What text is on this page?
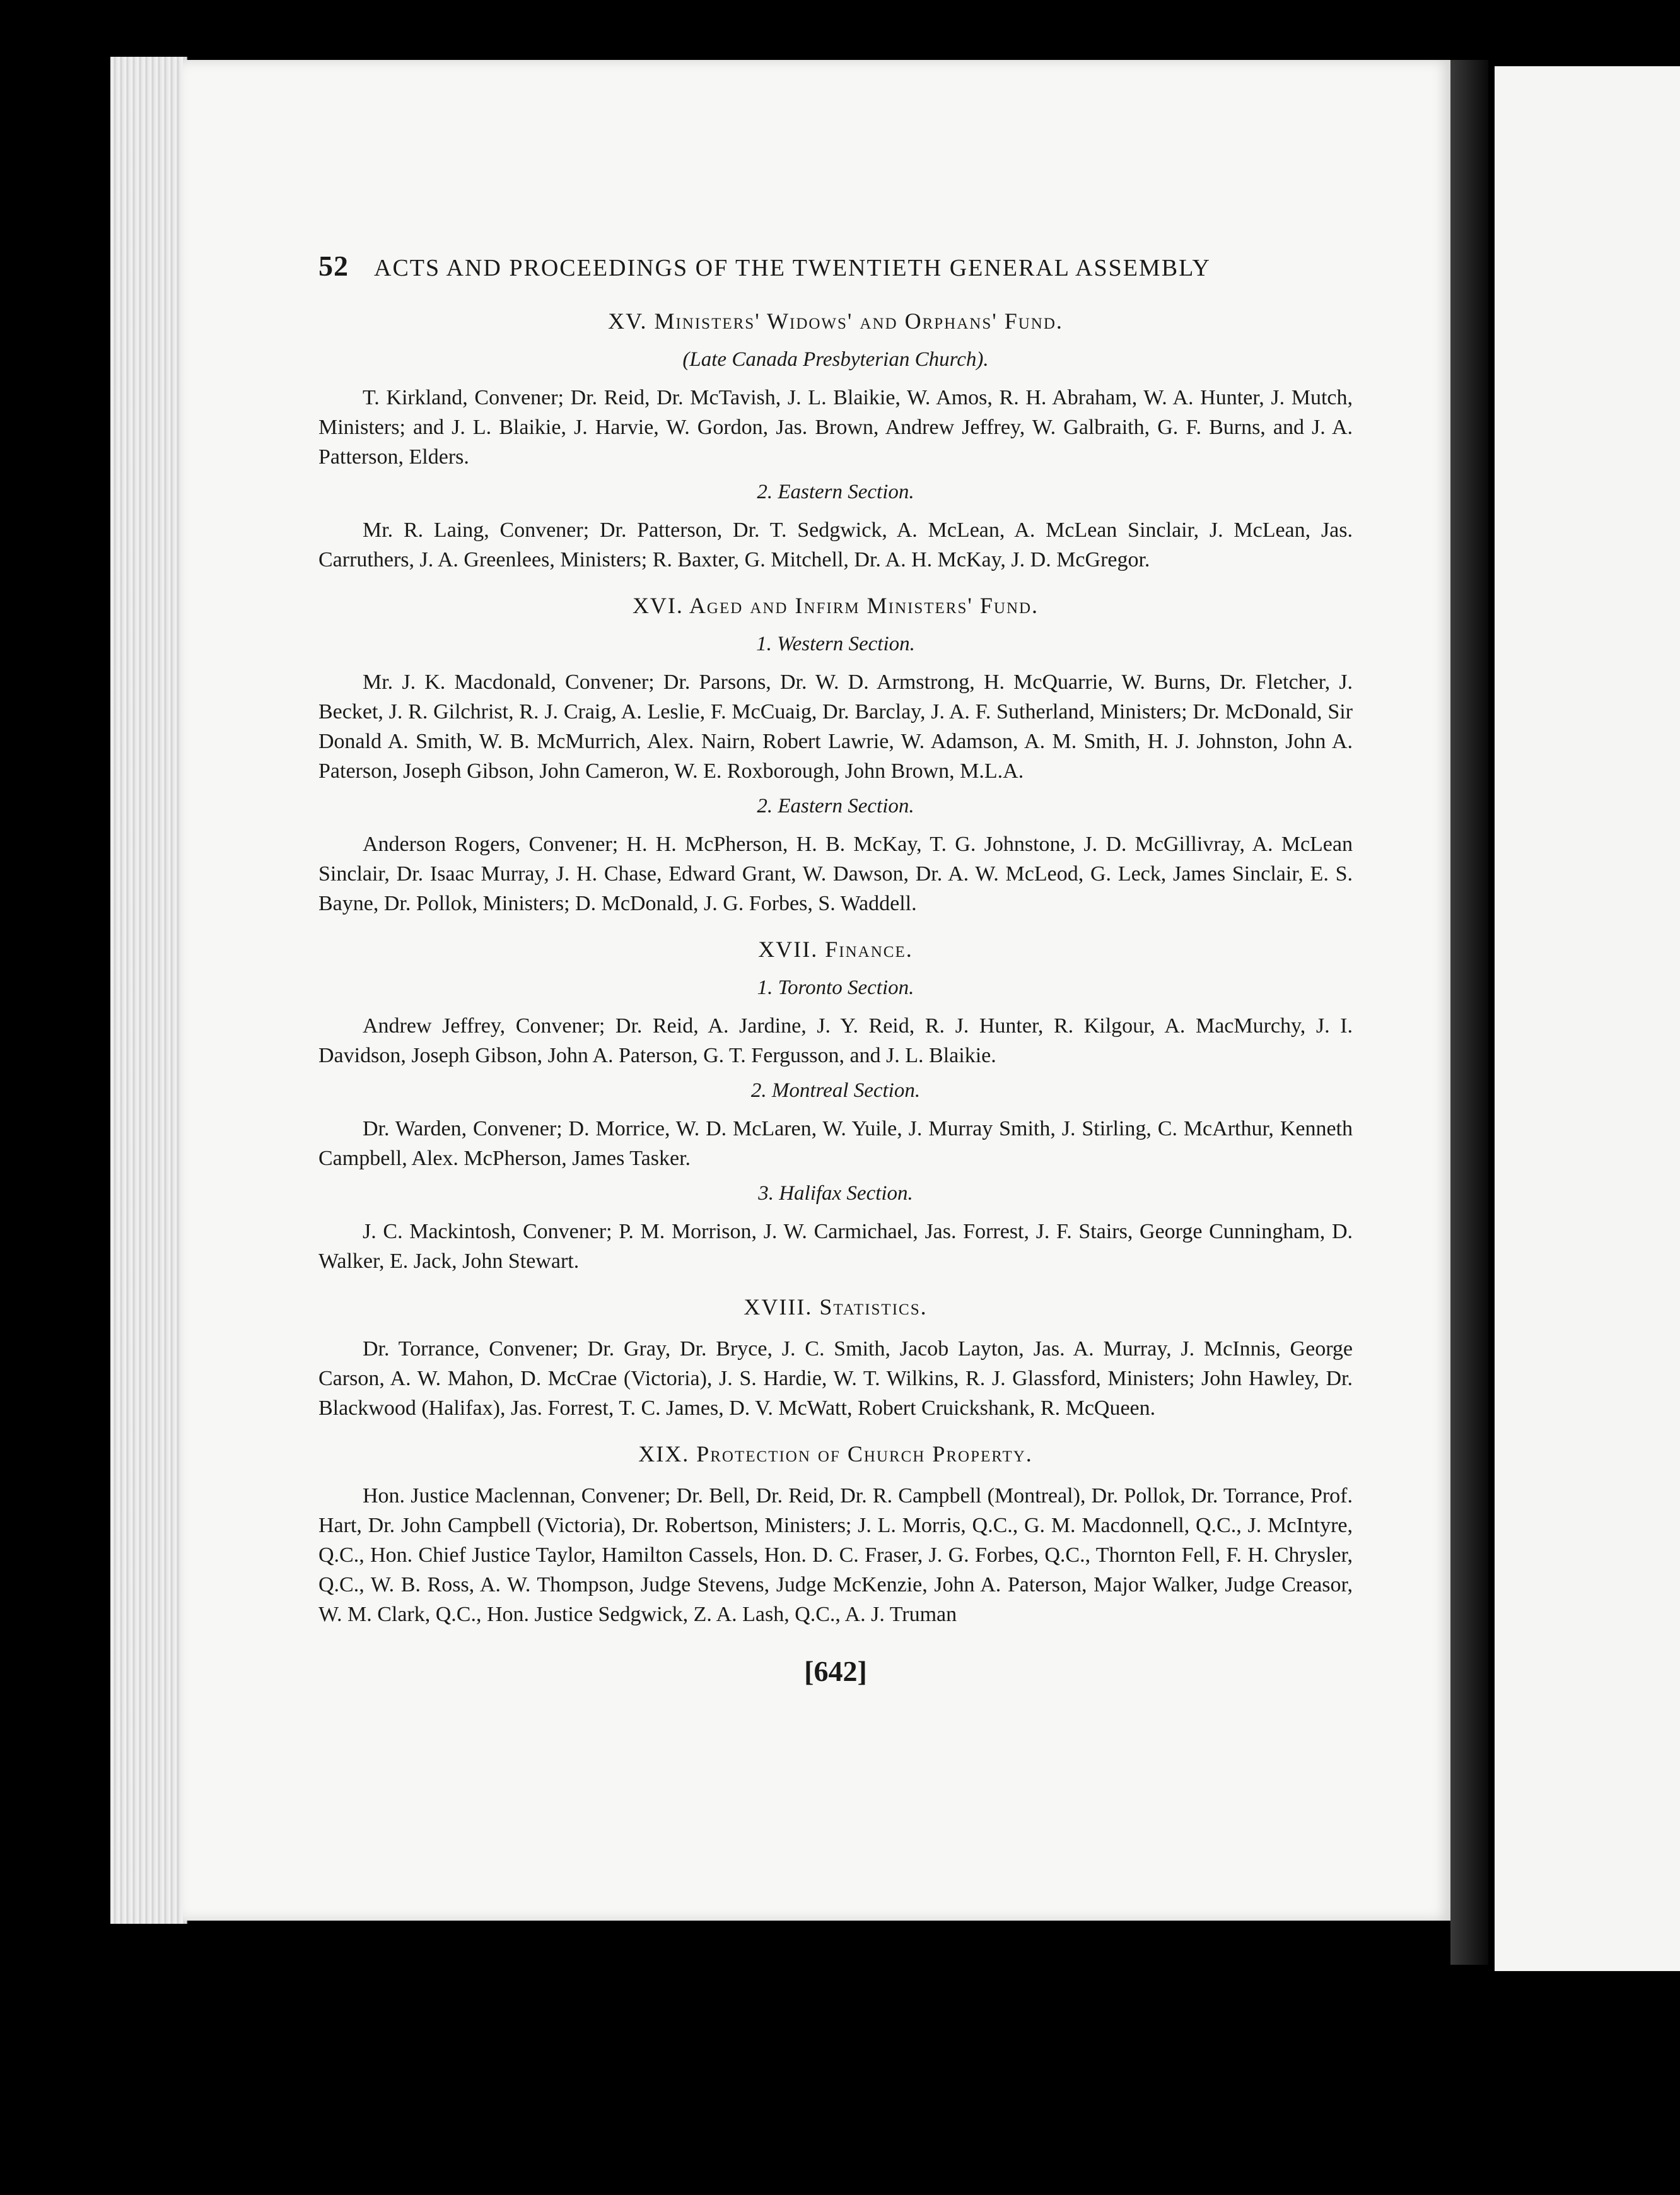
52 ACTS AND PROCEEDINGS OF THE TWENTIETH GENERAL ASSEMBLY
XV. Ministers' Widows' and Orphans' Fund.
(Late Canada Presbyterian Church).
T. Kirkland, Convener; Dr. Reid, Dr. McTavish, J. L. Blaikie, W. Amos, R. H. Abraham, W. A. Hunter, J. Mutch, Ministers; and J. L. Blaikie, J. Harvie, W. Gordon, Jas. Brown, Andrew Jeffrey, W. Galbraith, G. F. Burns, and J. A. Patterson, Elders.
2. Eastern Section.
Mr. R. Laing, Convener; Dr. Patterson, Dr. T. Sedgwick, A. McLean, A. McLean Sinclair, J. McLean, Jas. Carruthers, J. A. Greenlees, Ministers; R. Baxter, G. Mitchell, Dr. A. H. McKay, J. D. McGregor.
XVI. Aged and Infirm Ministers' Fund.
1. Western Section.
Mr. J. K. Macdonald, Convener; Dr. Parsons, Dr. W. D. Armstrong, H. McQuarrie, W. Burns, Dr. Fletcher, J. Becket, J. R. Gilchrist, R. J. Craig, A. Leslie, F. McCuaig, Dr. Barclay, J. A. F. Sutherland, Ministers; Dr. McDonald, Sir Donald A. Smith, W. B. McMurrich, Alex. Nairn, Robert Lawrie, W. Adamson, A. M. Smith, H. J. Johnston, John A. Paterson, Joseph Gibson, John Cameron, W. E. Roxborough, John Brown, M.L.A.
2. Eastern Section.
Anderson Rogers, Convener; H. H. McPherson, H. B. McKay, T. G. Johnstone, J. D. McGillivray, A. McLean Sinclair, Dr. Isaac Murray, J. H. Chase, Edward Grant, W. Dawson, Dr. A. W. McLeod, G. Leck, James Sinclair, E. S. Bayne, Dr. Pollok, Ministers; D. McDonald, J. G. Forbes, S. Waddell.
XVII. Finance.
1. Toronto Section.
Andrew Jeffrey, Convener; Dr. Reid, A. Jardine, J. Y. Reid, R. J. Hunter, R. Kilgour, A. MacMurchy, J. I. Davidson, Joseph Gibson, John A. Paterson, G. T. Fergusson, and J. L. Blaikie.
2. Montreal Section.
Dr. Warden, Convener; D. Morrice, W. D. McLaren, W. Yuile, J. Murray Smith, J. Stirling, C. McArthur, Kenneth Campbell, Alex. McPherson, James Tasker.
3. Halifax Section.
J. C. Mackintosh, Convener; P. M. Morrison, J. W. Carmichael, Jas. Forrest, J. F. Stairs, George Cunningham, D. Walker, E. Jack, John Stewart.
XVIII. Statistics.
Dr. Torrance, Convener; Dr. Gray, Dr. Bryce, J. C. Smith, Jacob Layton, Jas. A. Murray, J. McInnis, George Carson, A. W. Mahon, D. McCrae (Victoria), J. S. Hardie, W. T. Wilkins, R. J. Glassford, Ministers; John Hawley, Dr. Blackwood (Halifax), Jas. Forrest, T. C. James, D. V. McWatt, Robert Cruickshank, R. McQueen.
XIX. Protection of Church Property.
Hon. Justice Maclennan, Convener; Dr. Bell, Dr. Reid, Dr. R. Campbell (Montreal), Dr. Pollok, Dr. Torrance, Prof. Hart, Dr. John Campbell (Victoria), Dr. Robertson, Ministers; J. L. Morris, Q.C., G. M. Macdonnell, Q.C., J. McIntyre, Q.C., Hon. Chief Justice Taylor, Hamilton Cassels, Hon. D. C. Fraser, J. G. Forbes, Q.C., Thornton Fell, F. H. Chrysler, Q.C., W. B. Ross, A. W. Thompson, Judge Stevens, Judge McKenzie, John A. Paterson, Major Walker, Judge Creasor, W. M. Clark, Q.C., Hon. Justice Sedgwick, Z. A. Lash, Q.C., A. J. Truman
[642]
